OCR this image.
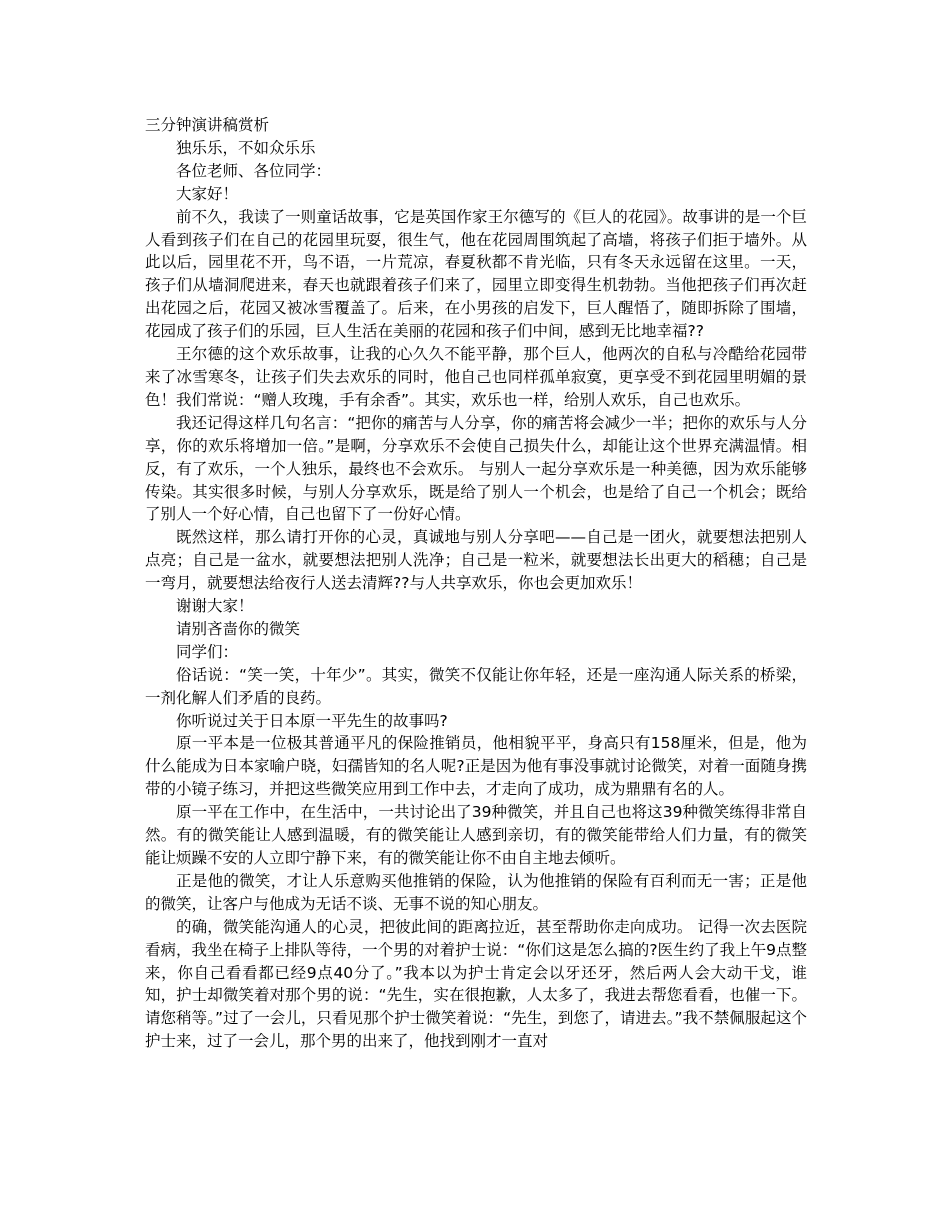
三分钟演讲稿赏析

独乐乐，不如众乐乐

各位老师、各位同学：

大家好！

前不久，我读了一则童话故事，它是英国作家王尔德写的《巨人的花园》。故事讲的是一个巨人看到孩子们在自己的花园里玩耍，很生气，他在花园周围筑起了高墙，将孩子们拒于墙外。从此以后，园里花不开，鸟不语，一片荒凉，春夏秋都不肯光临，只有冬天永远留在这里。一天，孩子们从墙洞爬进来，春天也就跟着孩子们来了，园里立即变得生机勃勃。当他把孩子们再次赶出花园之后，花园又被冰雪覆盖了。后来，在小男孩的启发下，巨人醒悟了，随即拆除了围墙，花园成了孩子们的乐园，巨人生活在美丽的花园和孩子们中间，感到无比地幸福??

王尔德的这个欢乐故事，让我的心久久不能平静，那个巨人，他两次的自私与冷酷给花园带来了冰雪寒冬，让孩子们失去欢乐的同时，他自己也同样孤单寂寞，更享受不到花园里明媚的景色！我们常说：“赠人玫瑰，手有余香”。其实，欢乐也一样，给别人欢乐，自己也欢乐。

我还记得这样几句名言：“把你的痛苦与人分享，你的痛苦将会减少一半；把你的欢乐与人分享，你的欢乐将增加一倍。”是啊，分享欢乐不会使自己损失什么，却能让这个世界充满温情。相反，有了欢乐，一个人独乐，最终也不会欢乐。 与别人一起分享欢乐是一种美德，因为欢乐能够传染。其实很多时候，与别人分享欢乐，既是给了别人一个机会，也是给了自己一个机会；既给了别人一个好心情，自己也留下了一份好心情。

既然这样，那么请打开你的心灵，真诚地与别人分享吧——自己是一团火，就要想法把别人点亮；自己是一盆水，就要想法把别人洗净；自己是一粒米，就要想法长出更大的稻穗；自己是一弯月，就要想法给夜行人送去清辉??与人共享欢乐，你也会更加欢乐！

谢谢大家！

请别吝啬你的微笑

同学们：

俗话说：“笑一笑，十年少”。其实，微笑不仅能让你年轻，还是一座沟通人际关系的桥梁，一剂化解人们矛盾的良药。

你听说过关于日本原一平先生的故事吗?

原一平本是一位极其普通平凡的保险推销员，他相貌平平，身高只有158厘米，但是，他为什么能成为日本家喻户晓，妇孺皆知的名人呢?正是因为他有事没事就讨论微笑，对着一面随身携带的小镜子练习，并把这些微笑应用到工作中去，才走向了成功，成为鼎鼎有名的人。

原一平在工作中，在生活中，一共讨论出了39种微笑，并且自己也将这39种微笑练得非常自然。有的微笑能让人感到温暖，有的微笑能让人感到亲切，有的微笑能带给人们力量，有的微笑能让烦躁不安的人立即宁静下来，有的微笑能让你不由自主地去倾听。

正是他的微笑，才让人乐意购买他推销的保险，认为他推销的保险有百利而无一害；正是他的微笑，让客户与他成为无话不谈、无事不说的知心朋友。

的确，微笑能沟通人的心灵，把彼此间的距离拉近，甚至帮助你走向成功。 记得一次去医院看病，我坐在椅子上排队等待，一个男的对着护士说：“你们这是怎么搞的?医生约了我上午9点整来，你自己看看都已经9点40分了。”我本以为护士肯定会以牙还牙，然后两人会大动干戈，谁知，护士却微笑着对那个男的说：“先生，实在很抱歉，人太多了，我进去帮您看看，也催一下。请您稍等。”过了一会儿，只看见那个护士微笑着说：“先生，到您了，请进去。”我不禁佩服起这个护士来，过了一会儿，那个男的出来了，他找到刚才一直对
